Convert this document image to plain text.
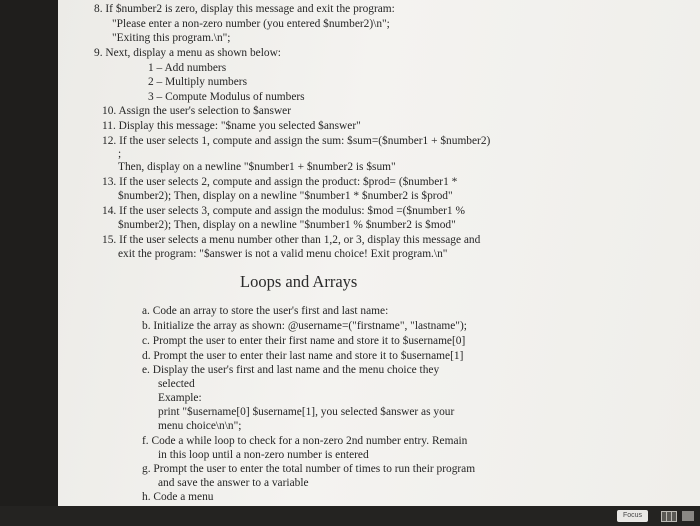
8. If $number2 is zero, display this message and exit the program:
"Please enter a non-zero number (you entered $number2)\n";
"Exiting this program.\n";
9. Next, display a menu as shown below:
1 – Add numbers
2 – Multiply numbers
3 – Compute Modulus of numbers
10. Assign the user's selection to $answer
11. Display this message: "$name you selected $answer"
12. If the user selects 1, compute and assign the sum: $sum=($number1 + $number2)
;
Then, display on a newline "$number1 + $number2 is $sum"
13. If the user selects 2, compute and assign the product: $prod= ($number1 *
$number2); Then, display on a newline "$number1 * $number2 is $prod"
14. If the user selects 3, compute and assign the modulus: $mod =($number1 %
$number2); Then, display on a newline "$number1 % $number2 is $mod"
15. If the user selects a menu number other than 1,2, or 3, display this message and
exit the program: "$answer is not a valid menu choice! Exit program.\n"
Loops and Arrays
a. Code an array to store the user's first and last name:
b. Initialize the array as shown: @username=("firstname", "lastname");
c. Prompt the user to enter their first name and store it to $username[0]
d. Prompt the user to enter their last name and store it to $username[1]
e. Display the user's first and last name and the menu choice they
selected
Example:
print "$username[0] $username[1], you selected $answer as your
menu choice\n\n";
f. Code a while loop to check for a non-zero 2nd number entry. Remain
in this loop until a non-zero number is entered
g. Prompt the user to enter the total number of times to run their program
and save the answer to a variable
h. Code a menu
Focus
